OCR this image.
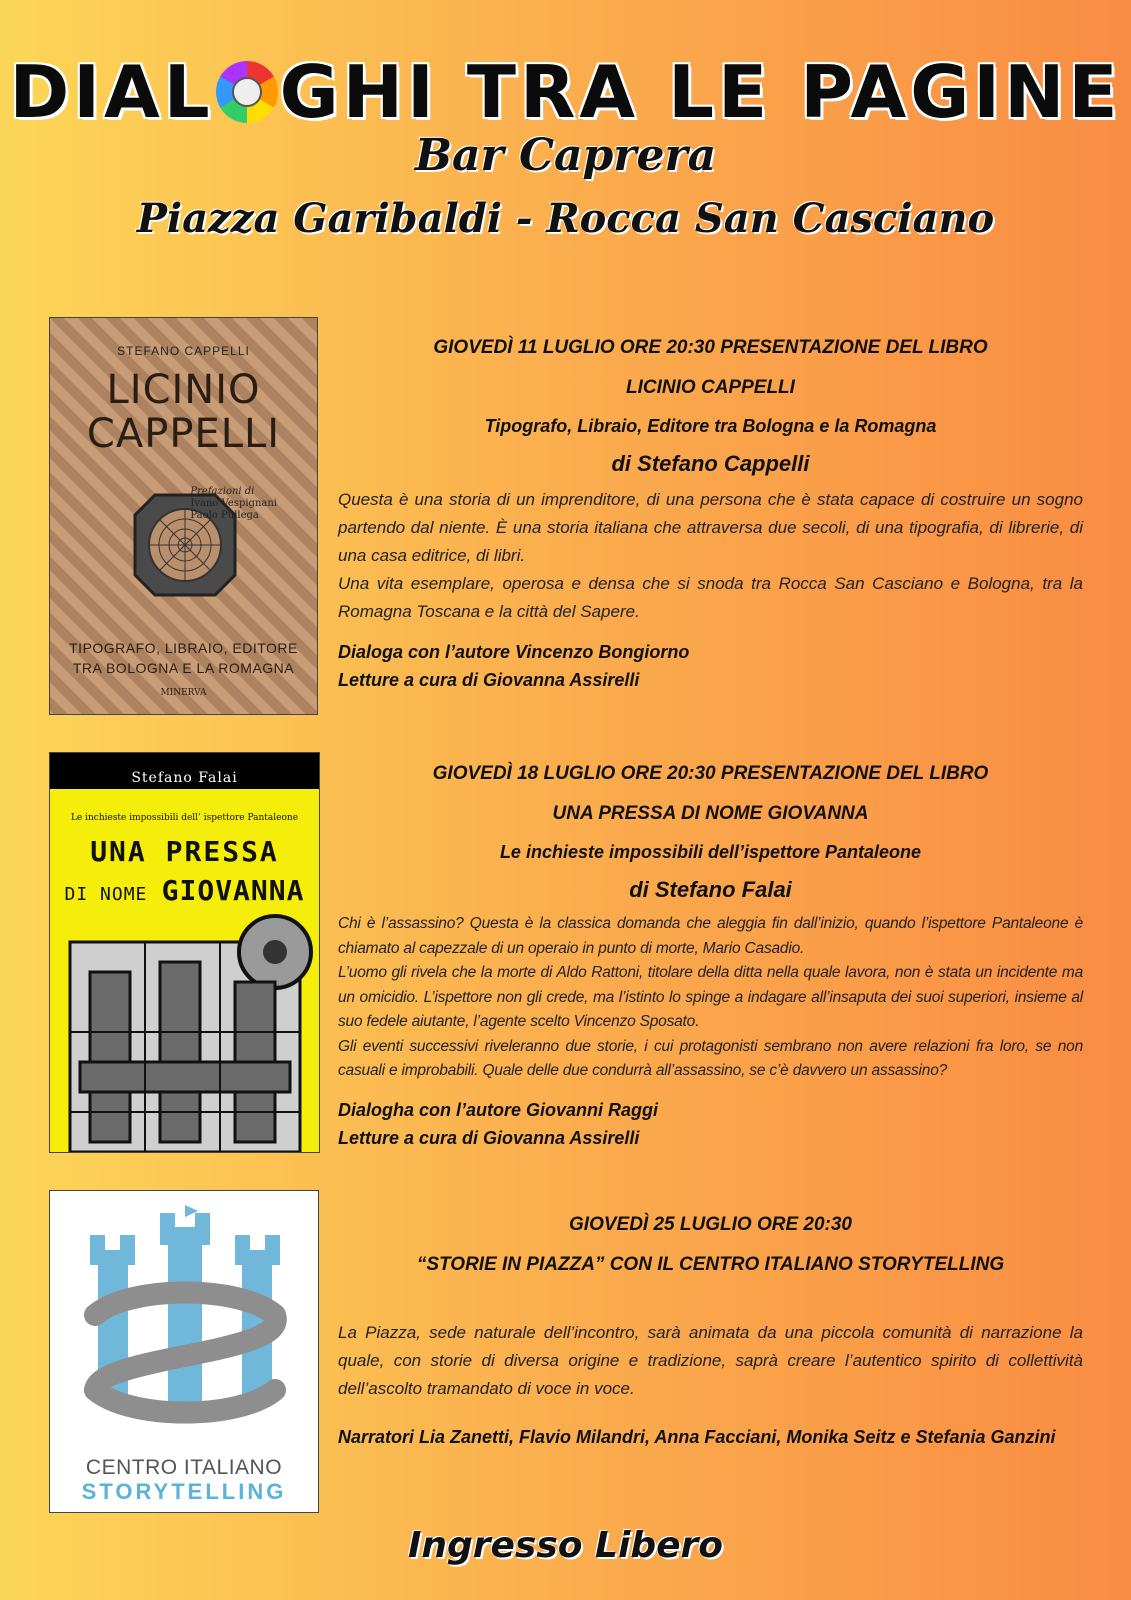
DIAL GHI TRA LE PAGINE
Bar Caprera
Piazza Garibaldi - Rocca San Casciano
STEFANO CAPPELLI
LICINIO
CAPPELLI
Prefazioni di
Ivano Vespignani
Paolo Pullega
TIPOGRAFO, LIBRAIO, EDITORE
TRA BOLOGNA E LA ROMAGNA
MINERVA
GIOVEDÌ 11 LUGLIO ORE 20:30 PRESENTAZIONE DEL LIBRO
LICINIO CAPPELLI
Tipografo, Libraio, Editore tra Bologna e la Romagna
di Stefano Cappelli

Questa è una storia di un imprenditore, di una persona che è stata capace di costruire un sogno partendo dal niente. È una storia italiana che attraversa due secoli, di una tipografia, di librerie, di una casa editrice, di libri.

Una vita esemplare, operosa e densa che si snoda tra Rocca San Casciano e Bologna, tra la Romagna Toscana e la città del Sapere.

Dialoga con l’autore Vincenzo Bongiorno
Letture a cura di Giovanna Assirelli
Stefano Falai
Le inchieste impossibili dell’ ispettore Pantaleone
UNA PRESSA
DI NOME GIOVANNA
GIOVEDÌ 18 LUGLIO ORE 20:30 PRESENTAZIONE DEL LIBRO
UNA PRESSA DI NOME GIOVANNA
Le inchieste impossibili dell’ispettore Pantaleone
di Stefano Falai

Chi è l’assassino? Questa è la classica domanda che aleggia fin dall’inizio, quando l’ispettore Pantaleone è chiamato al capezzale di un operaio in punto di morte, Mario Casadio.

L’uomo gli rivela che la morte di Aldo Rattoni, titolare della ditta nella quale lavora, non è stata un incidente ma un omicidio. L’ispettore non gli crede, ma l’istinto lo spinge a indagare all’insaputa dei suoi superiori, insieme al suo fedele aiutante, l’agente scelto Vincenzo Sposato.

Gli eventi successivi riveleranno due storie, i cui protagonisti sembrano non avere relazioni fra loro, se non casuali e improbabili. Quale delle due condurrà all’assassino, se c’è davvero un assassino?

Dialogha con l’autore Giovanni Raggi
Letture a cura di Giovanna Assirelli
CENTRO ITALIANO
STORYTELLING
GIOVEDÌ 25 LUGLIO ORE 20:30
“STORIE IN PIAZZA” CON IL CENTRO ITALIANO STORYTELLING

La Piazza, sede naturale dell’incontro, sarà animata da una piccola comunità di narrazione la quale, con storie di diversa origine e tradizione, saprà creare l’autentico spirito di collettività dell’ascolto tramandato di voce in voce.

Narratori Lia Zanetti, Flavio Milandri, Anna Facciani, Monika Seitz e Stefania Ganzini
Ingresso Libero
